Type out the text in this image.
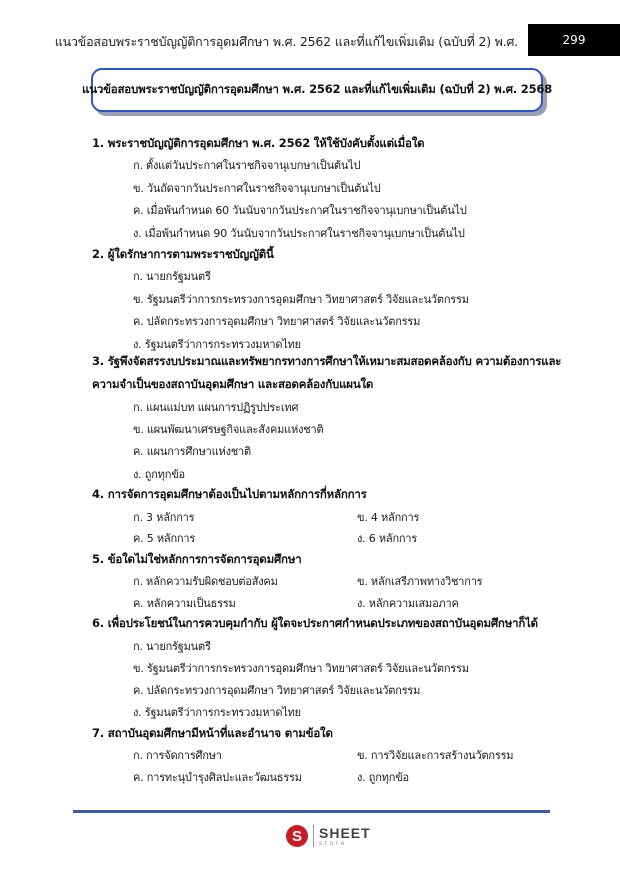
แนวข้อสอบพระราชบัญญัติการอุดมศึกษา พ.ศ. 2562 และที่แก้ไขเพิ่มเติม (ฉบับที่ 2) พ.ศ.	299
แนวข้อสอบพระราชบัญญัติการอุดมศึกษา พ.ศ. 2562 และที่แก้ไขเพิ่มเติม (ฉบับที่ 2) พ.ศ. 2568
1. พระราชบัญญัติการอุดมศึกษา พ.ศ. 2562 ให้ใช้บังคับตั้งแต่เมื่อใด
ก. ตั้งแต่วันประกาศในราชกิจจานุเบกษาเป็นต้นไป
ข. วันถัดจากวันประกาศในราชกิจจานุเบกษาเป็นต้นไป
ค. เมื่อพ้นกำหนด 60 วันนับจากวันประกาศในราชกิจจานุเบกษาเป็นต้นไป
ง. เมื่อพ้นกำหนด 90 วันนับจากวันประกาศในราชกิจจานุเบกษาเป็นต้นไป
2. ผู้ใดรักษาการตามพระราชบัญญัตินี้
ก. นายกรัฐมนตรี
ข. รัฐมนตรีว่าการกระทรวงการอุดมศึกษา วิทยาศาสตร์ วิจัยและนวัตกรรม
ค. ปลัดกระทรวงการอุดมศึกษา วิทยาศาสตร์ วิจัยและนวัตกรรม
ง. รัฐมนตรีว่าการกระทรวงมหาดไทย
3. รัฐพึงจัดสรรงบประมาณและทรัพยากรทางการศึกษาให้เหมาะสมสอดคล้องกับ ความต้องการและ
ความจำเป็นของสถาบันอุดมศึกษา และสอดคล้องกับแผนใด
ก. แผนแม่บท แผนการปฏิรูปประเทศ
ข. แผนพัฒนาเศรษฐกิจและสังคมแห่งชาติ
ค. แผนการศึกษาแห่งชาติ
ง. ถูกทุกข้อ
4. การจัดการอุดมศึกษาต้องเป็นไปตามหลักการกี่หลักการ
ก. 3 หลักการ	ข. 4 หลักการ
ค. 5 หลักการ	ง. 6 หลักการ
5. ข้อใดไม่ใช่หลักการการจัดการอุดมศึกษา
ก. หลักความรับผิดชอบต่อสังคม	ข. หลักเสรีภาพทางวิชาการ
ค. หลักความเป็นธรรม	ง. หลักความเสมอภาค
6. เพื่อประโยชน์ในการควบคุมกำกับ ผู้ใดจะประกาศกำหนดประเภทของสถาบันอุดมศึกษาก็ได้
ก. นายกรัฐมนตรี
ข. รัฐมนตรีว่าการกระทรวงการอุดมศึกษา วิทยาศาสตร์ วิจัยและนวัตกรรม
ค. ปลัดกระทรวงการอุดมศึกษา วิทยาศาสตร์ วิจัยและนวัตกรรม
ง. รัฐมนตรีว่าการกระทรวงมหาดไทย
7. สถาบันอุดมศึกษามีหน้าที่และอำนาจ ตามข้อใด
ก. การจัดการศึกษา	ข. การวิจัยและการสร้างนวัตกรรม
ค. การทะนุบำรุงศิลปะและวัฒนธรรม	ง. ถูกทุกข้อ
S	SHEET
store
